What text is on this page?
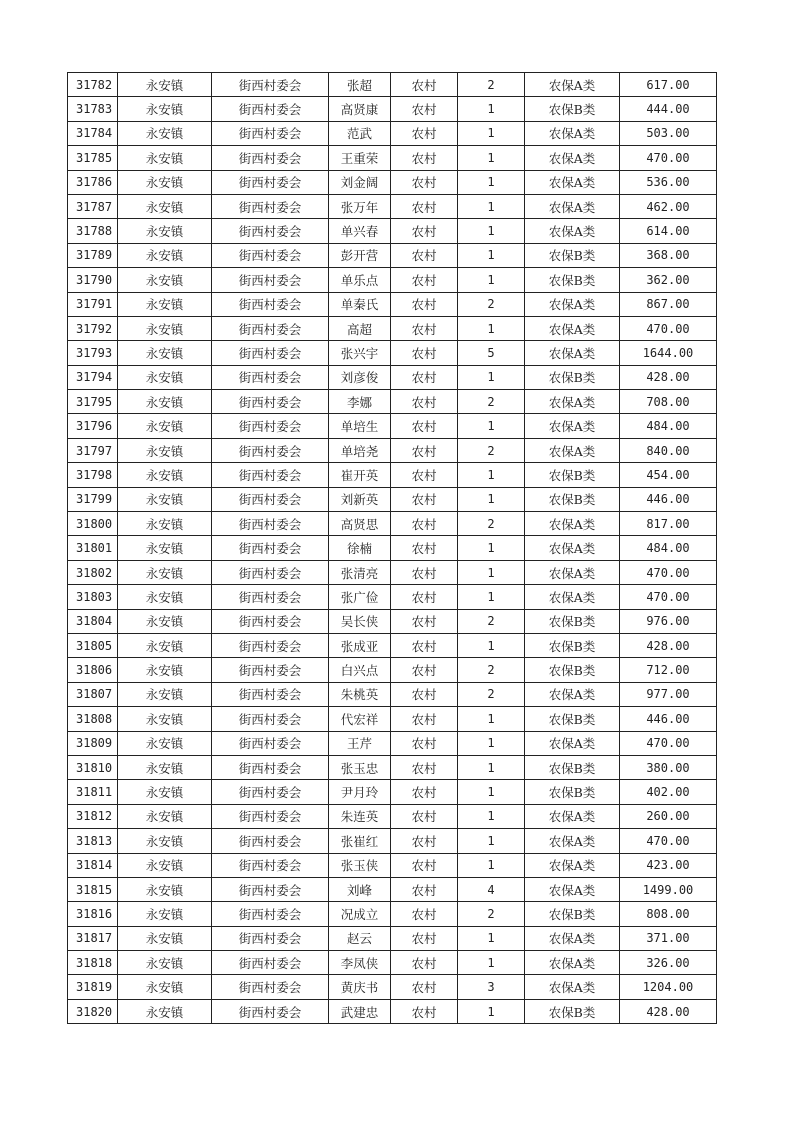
31782	永安镇	街西村委会	张超	农村	2	农保A类	617.00
31783	永安镇	街西村委会	高贤康	农村	1	农保B类	444.00
31784	永安镇	街西村委会	范武	农村	1	农保A类	503.00
31785	永安镇	街西村委会	王重荣	农村	1	农保A类	470.00
31786	永安镇	街西村委会	刘金阔	农村	1	农保A类	536.00
31787	永安镇	街西村委会	张万年	农村	1	农保A类	462.00
31788	永安镇	街西村委会	单兴春	农村	1	农保A类	614.00
31789	永安镇	街西村委会	彭开营	农村	1	农保B类	368.00
31790	永安镇	街西村委会	单乐点	农村	1	农保B类	362.00
31791	永安镇	街西村委会	单秦氏	农村	2	农保A类	867.00
31792	永安镇	街西村委会	高超	农村	1	农保A类	470.00
31793	永安镇	街西村委会	张兴宇	农村	5	农保A类	1644.00
31794	永安镇	街西村委会	刘彦俊	农村	1	农保B类	428.00
31795	永安镇	街西村委会	李娜	农村	2	农保A类	708.00
31796	永安镇	街西村委会	单培生	农村	1	农保A类	484.00
31797	永安镇	街西村委会	单培尧	农村	2	农保A类	840.00
31798	永安镇	街西村委会	崔开英	农村	1	农保B类	454.00
31799	永安镇	街西村委会	刘新英	农村	1	农保B类	446.00
31800	永安镇	街西村委会	高贤思	农村	2	农保A类	817.00
31801	永安镇	街西村委会	徐楠	农村	1	农保A类	484.00
31802	永安镇	街西村委会	张清亮	农村	1	农保A类	470.00
31803	永安镇	街西村委会	张广俭	农村	1	农保A类	470.00
31804	永安镇	街西村委会	吴长侠	农村	2	农保B类	976.00
31805	永安镇	街西村委会	张成亚	农村	1	农保B类	428.00
31806	永安镇	街西村委会	白兴点	农村	2	农保B类	712.00
31807	永安镇	街西村委会	朱桃英	农村	2	农保A类	977.00
31808	永安镇	街西村委会	代宏祥	农村	1	农保B类	446.00
31809	永安镇	街西村委会	王芹	农村	1	农保A类	470.00
31810	永安镇	街西村委会	张玉忠	农村	1	农保B类	380.00
31811	永安镇	街西村委会	尹月玲	农村	1	农保B类	402.00
31812	永安镇	街西村委会	朱连英	农村	1	农保A类	260.00
31813	永安镇	街西村委会	张崔红	农村	1	农保A类	470.00
31814	永安镇	街西村委会	张玉侠	农村	1	农保A类	423.00
31815	永安镇	街西村委会	刘峰	农村	4	农保A类	1499.00
31816	永安镇	街西村委会	况成立	农村	2	农保B类	808.00
31817	永安镇	街西村委会	赵云	农村	1	农保A类	371.00
31818	永安镇	街西村委会	李凤侠	农村	1	农保A类	326.00
31819	永安镇	街西村委会	黄庆书	农村	3	农保A类	1204.00
31820	永安镇	街西村委会	武建忠	农村	1	农保B类	428.00
